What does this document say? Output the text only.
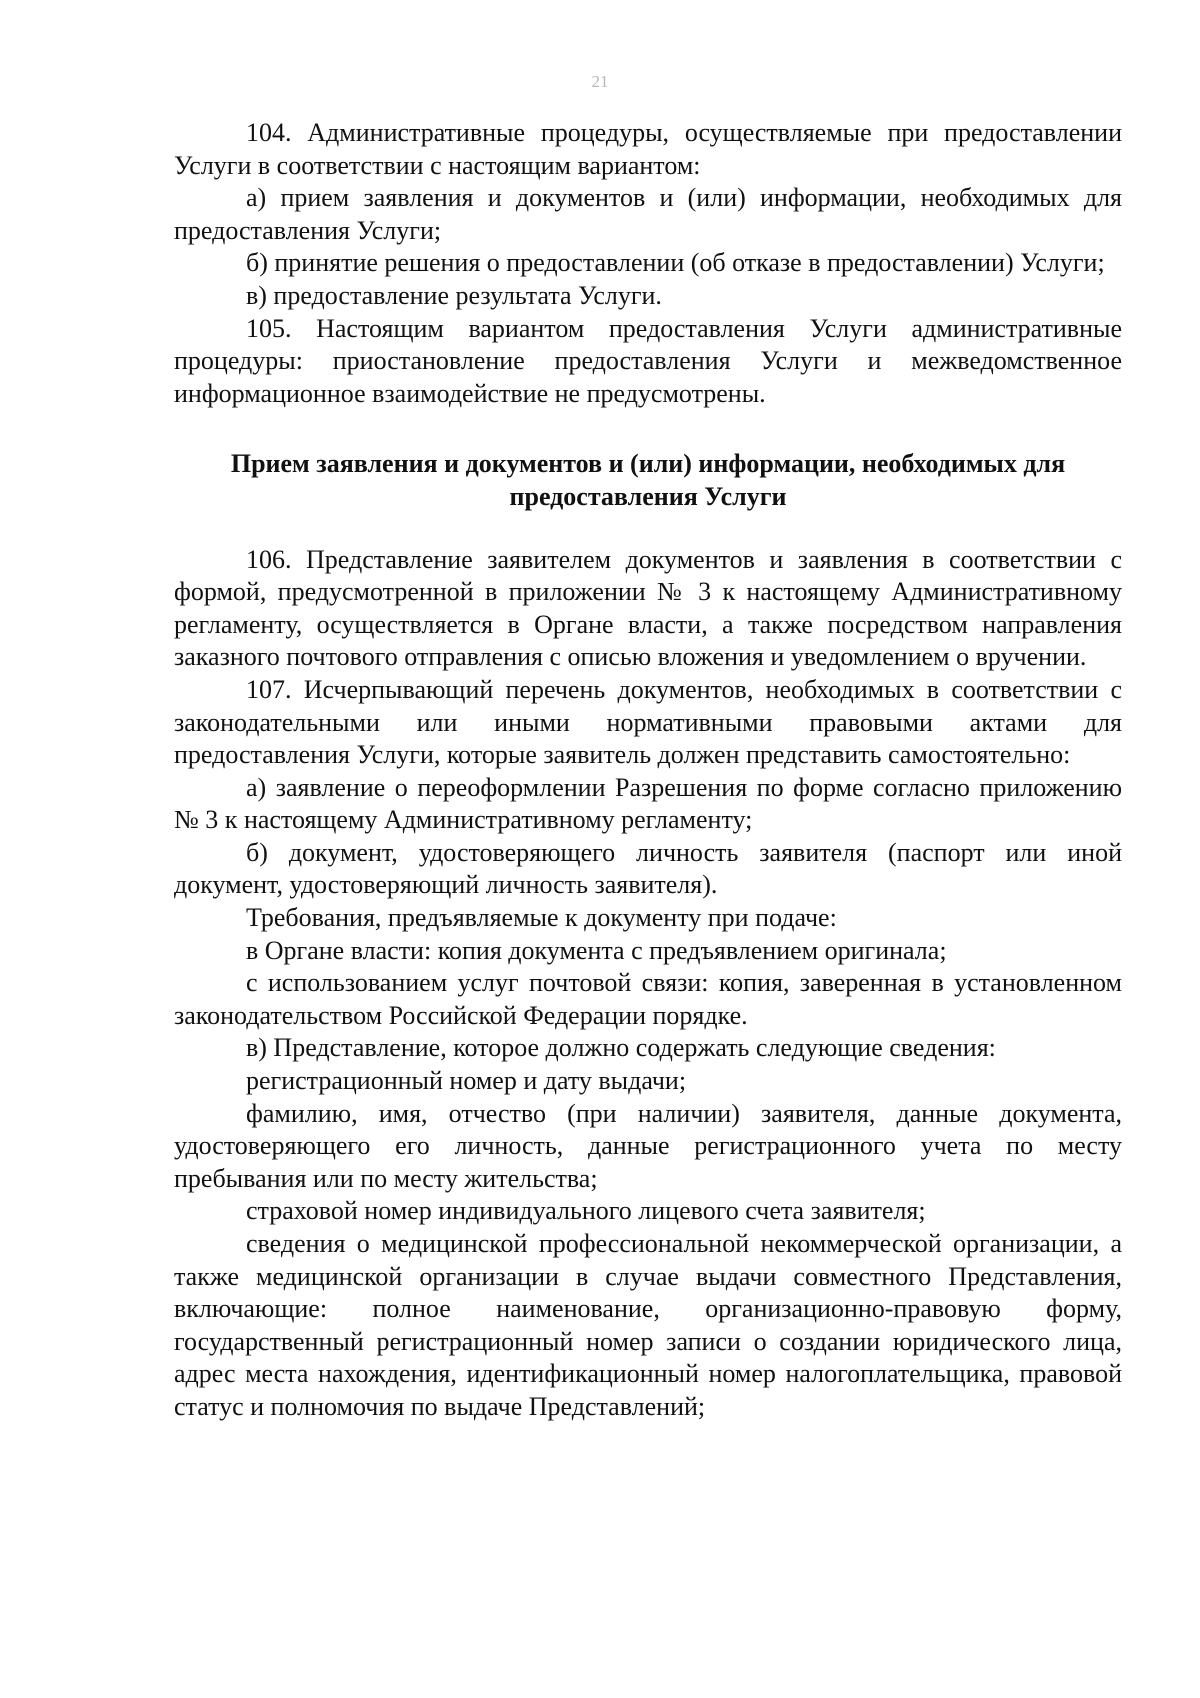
21

104. Административные процедуры, осуществляемые при предоставлении Услуги в соответствии с настоящим вариантом:

а) прием заявления и документов и (или) информации, необходимых для предоставления Услуги;

б) принятие решения о предоставлении (об отказе в предоставлении) Услуги;

в) предоставление результата Услуги.

105. Настоящим вариантом предоставления Услуги административные процедуры: приостановление предоставления Услуги и межведомственное информационное взаимодействие не предусмотрены.

Прием заявления и документов и (или) информации, необходимых для предоставления Услуги

106. Представление заявителем документов и заявления в соответствии с формой, предусмотренной в приложении № 3 к настоящему Административному регламенту, осуществляется в Органе власти, а также посредством направления заказного почтового отправления с описью вложения и уведомлением о вручении.

107. Исчерпывающий перечень документов, необходимых в соответствии с законодательными или иными нормативными правовыми актами для предоставления Услуги, которые заявитель должен представить самостоятельно:

а) заявление о переоформлении Разрешения по форме согласно приложению № 3 к настоящему Административному регламенту;

б) документ, удостоверяющего личность заявителя (паспорт или иной документ, удостоверяющий личность заявителя).

Требования, предъявляемые к документу при подаче:

в Органе власти: копия документа с предъявлением оригинала;

с использованием услуг почтовой связи: копия, заверенная в установленном законодательством Российской Федерации порядке.

в) Представление, которое должно содержать следующие сведения:

регистрационный номер и дату выдачи;

фамилию, имя, отчество (при наличии) заявителя, данные документа, удостоверяющего его личность, данные регистрационного учета по месту пребывания или по месту жительства;

страховой номер индивидуального лицевого счета заявителя;

сведения о медицинской профессиональной некоммерческой организации, а также медицинской организации в случае выдачи совместного Представления, включающие: полное наименование, организационно-правовую форму, государственный регистрационный номер записи о создании юридического лица, адрес места нахождения, идентификационный номер налогоплательщика, правовой статус и полномочия по выдаче Представлений;
